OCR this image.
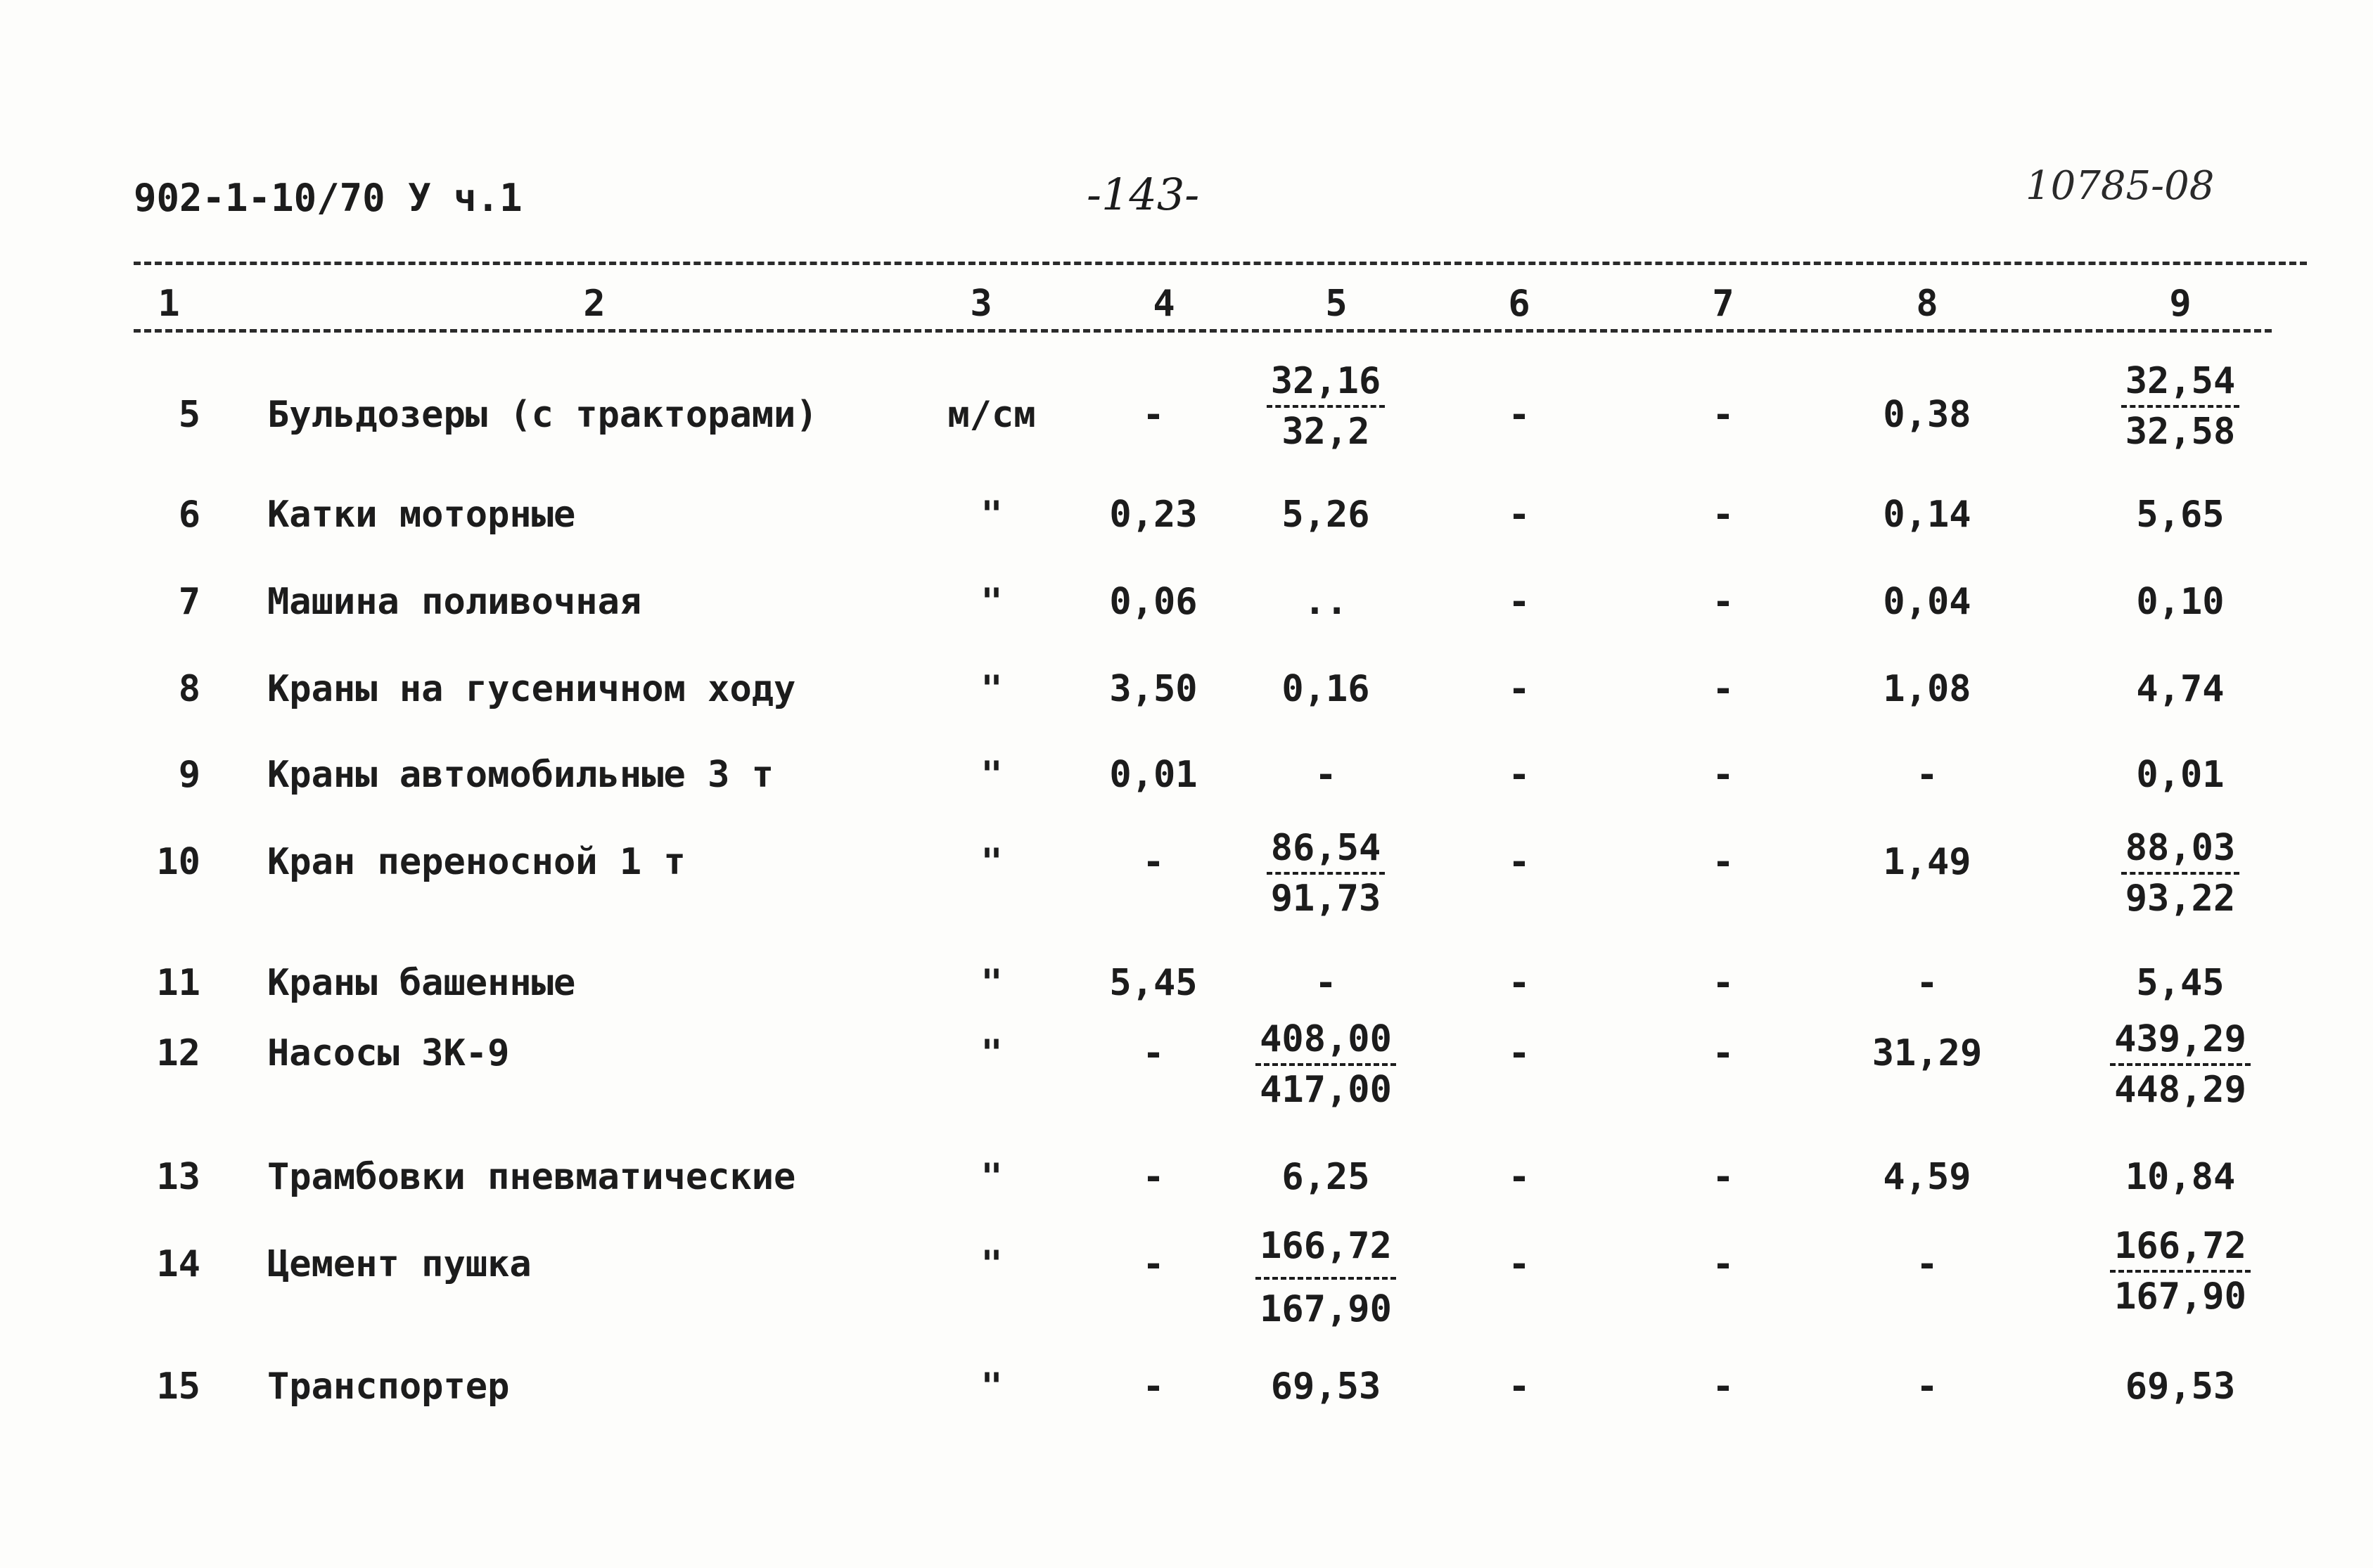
902-1-10/70 У ч.1	-143-	10785-08
1	2	3	4	5	6	7	8	9
5 Бульдозеры (с тракторами)	м/см	-	$\frac{32,16}{32,2}$	-	-	0,38	$\frac{32,54}{32,58}$
6 Катки моторные	"	0,23	5,26	-	-	0,14	5,65
7 Машина поливочная	"	0,06	..	-	-	0,04	0,10
8 Краны на гусеничном ходу	"	3,50	0,16	-	-	1,08	4,74
9 Краны автомобильные 3 т	"	0,01	-	-	-	-	0,01
10 Кран переносной 1 т	"	-	$\frac{86,54}{91,73}$	-	-	1,49	$\frac{88,03}{93,22}$
11 Краны башенные	"	5,45	-	-	-	-	5,45
12 Насосы ЗК-9	"	-	$\frac{408,00}{417,00}$	-	-	31,29	$\frac{439,29}{448,29}$
13 Трамбовки пневматические	"	-	6,25	-	-	4,59	10,84
14 Цемент пушка	"	-	$\frac{166,72}{167,90}$	-	-	-	$\frac{166,72}{167,90}$
15 Транспортер	"	-	69,53	-	-	-	69,53
